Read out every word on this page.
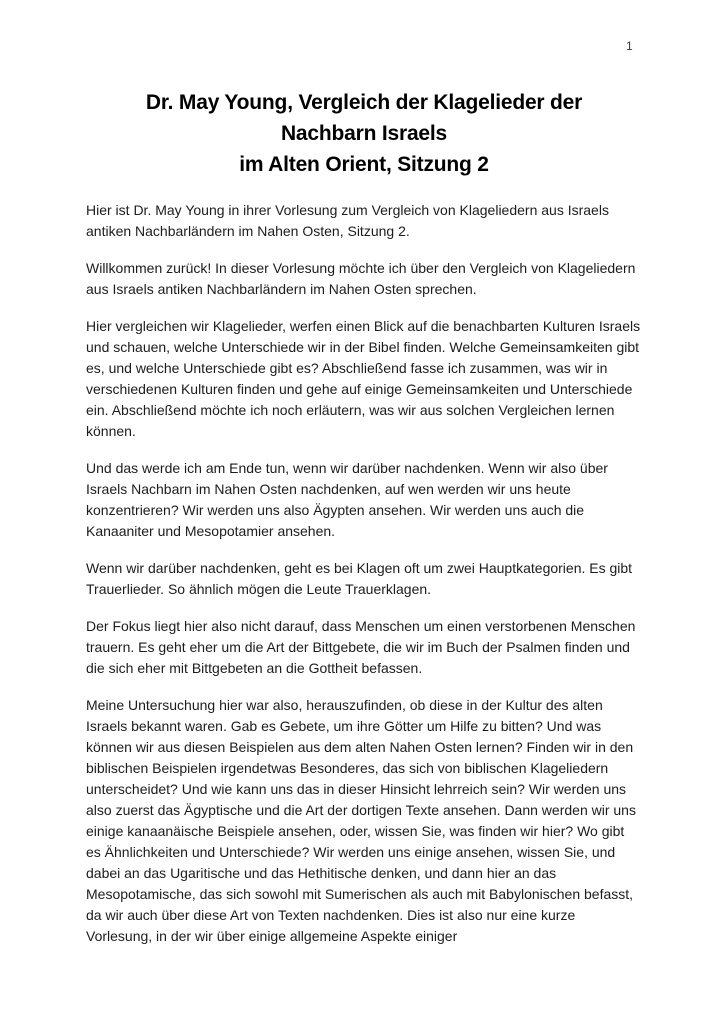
1
Dr. May Young, Vergleich der Klagelieder der
Nachbarn Israels
im Alten Orient, Sitzung 2

Hier ist Dr. May Young in ihrer Vorlesung zum Vergleich von Klageliedern aus Israels antiken Nachbarländern im Nahen Osten, Sitzung 2.

Willkommen zurück! In dieser Vorlesung möchte ich über den Vergleich von Klageliedern aus Israels antiken Nachbarländern im Nahen Osten sprechen.

Hier vergleichen wir Klagelieder, werfen einen Blick auf die benachbarten Kulturen Israels und schauen, welche Unterschiede wir in der Bibel finden. Welche Gemeinsamkeiten gibt es, und welche Unterschiede gibt es? Abschließend fasse ich zusammen, was wir in verschiedenen Kulturen finden und gehe auf einige Gemeinsamkeiten und Unterschiede ein. Abschließend möchte ich noch erläutern, was wir aus solchen Vergleichen lernen können.

Und das werde ich am Ende tun, wenn wir darüber nachdenken. Wenn wir also über Israels Nachbarn im Nahen Osten nachdenken, auf wen werden wir uns heute konzentrieren? Wir werden uns also Ägypten ansehen. Wir werden uns auch die Kanaaniter und Mesopotamier ansehen.

Wenn wir darüber nachdenken, geht es bei Klagen oft um zwei Hauptkategorien. Es gibt Trauerlieder. So ähnlich mögen die Leute Trauerklagen.

Der Fokus liegt hier also nicht darauf, dass Menschen um einen verstorbenen Menschen trauern. Es geht eher um die Art der Bittgebete, die wir im Buch der Psalmen finden und die sich eher mit Bittgebeten an die Gottheit befassen.

Meine Untersuchung hier war also, herauszufinden, ob diese in der Kultur des alten Israels bekannt waren. Gab es Gebete, um ihre Götter um Hilfe zu bitten? Und was können wir aus diesen Beispielen aus dem alten Nahen Osten lernen? Finden wir in den biblischen Beispielen irgendetwas Besonderes, das sich von biblischen Klageliedern unterscheidet? Und wie kann uns das in dieser Hinsicht lehrreich sein? Wir werden uns also zuerst das Ägyptische und die Art der dortigen Texte ansehen. Dann werden wir uns einige kanaanäische Beispiele ansehen, oder, wissen Sie, was finden wir hier? Wo gibt es Ähnlichkeiten und Unterschiede? Wir werden uns einige ansehen, wissen Sie, und dabei an das Ugaritische und das Hethitische denken, und dann hier an das Mesopotamische, das sich sowohl mit Sumerischen als auch mit Babylonischen befasst, da wir auch über diese Art von Texten nachdenken. Dies ist also nur eine kurze Vorlesung, in der wir über einige allgemeine Aspekte einiger
